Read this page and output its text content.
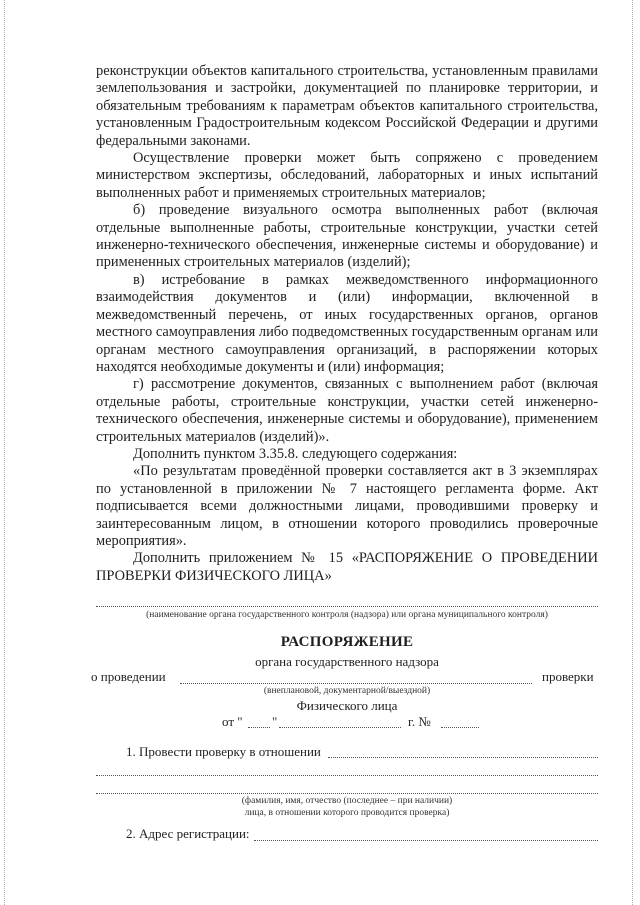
реконструкции объектов капитального строительства, установленным правилами землепользования и застройки, документацией по планировке территории, и обязательным требованиям к параметрам объектов капитального строительства, установленным Градостроительным кодексом Российской Федерации и другими федеральными законами.

Осуществление проверки может быть сопряжено с проведением министерством экспертизы, обследований, лабораторных и иных испытаний выполненных работ и применяемых строительных материалов;

б) проведение визуального осмотра выполненных работ (включая отдельные выполненные работы, строительные конструкции, участки сетей инженерно-технического обеспечения, инженерные системы и оборудование) и примененных строительных материалов (изделий);

в) истребование в рамках межведомственного информационного взаимодействия документов и (или) информации, включенной в межведомственный перечень, от иных государственных органов, органов местного самоуправления либо подведомственных государственным органам или органам местного самоуправления организаций, в распоряжении которых находятся необходимые документы и (или) информация;

г) рассмотрение документов, связанных с выполнением работ (включая отдельные работы, строительные конструкции, участки сетей инженерно-технического обеспечения, инженерные системы и оборудование), применением строительных материалов (изделий)».

Дополнить пунктом 3.35.8. следующего содержания:

«По результатам проведённой проверки составляется акт в 3 экземплярах по установленной в приложении № 7 настоящего регламента форме. Акт подписывается всеми должностными лицами, проводившими проверку и заинтересованным лицом, в отношении которого проводились проверочные мероприятия».

Дополнить приложением № 15 «РАСПОРЯЖЕНИЕ О ПРОВЕДЕНИИ ПРОВЕРКИ ФИЗИЧЕСКОГО ЛИЦА»

(наименование органа государственного контроля (надзора) или органа муниципального контроля)
РАСПОРЯЖЕНИЕ
органа государственного надзора
о проведении	проверки
(внеплановой, документарной/выездной)
Физического лица
от " "	г. №
1. Провести проверку в отношении
(фамилия, имя, отчество (последнее – при наличии)
лица, в отношении которого проводится проверка)
2. Адрес регистрации:
